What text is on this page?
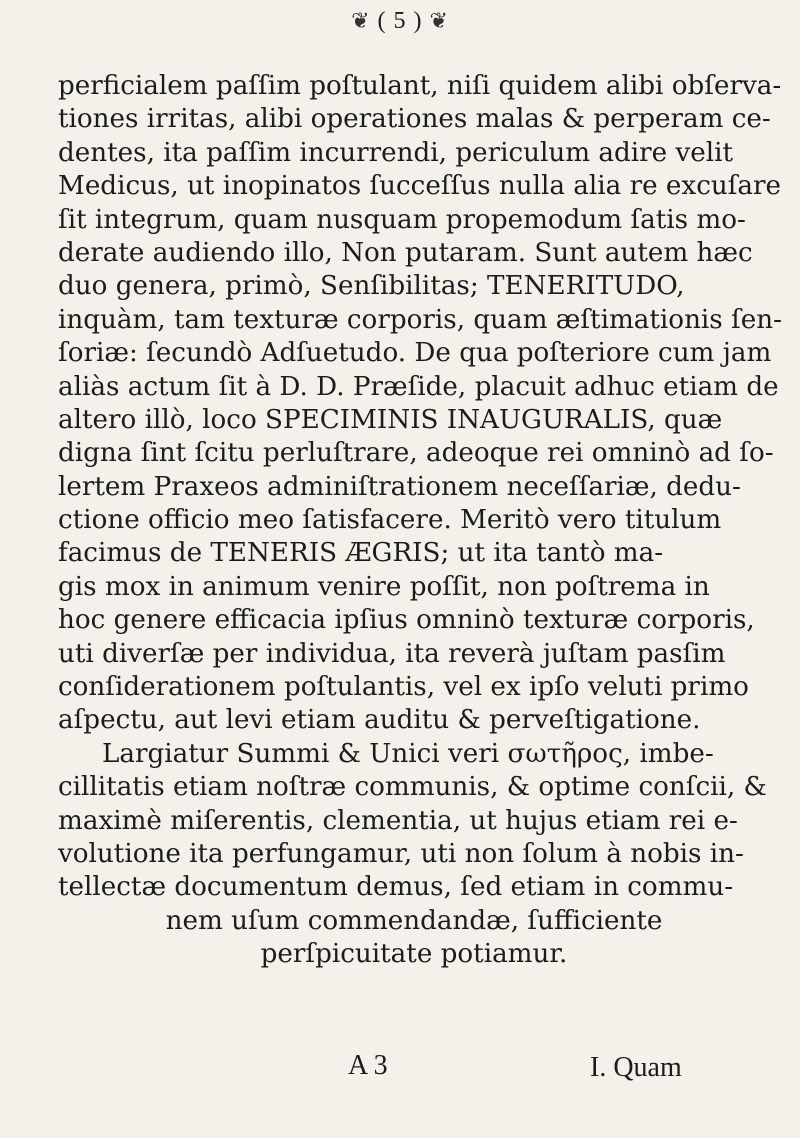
❦ ( 5 ) ❦
perficialem paſſim poſtulant, niſi quidem alibi obſerva-
tiones irritas, alibi operationes malas & perperam ce-
dentes, ita paſſim incurrendi, periculum adire velit
Medicus, ut inopinatos ſucceſſus nulla alia re excuſare
ſit integrum, quam nusquam propemodum ſatis mo-
derate audiendo illo, Non putaram. Sunt autem hæc
duo genera, primò, Senſibilitas; TENERITUDO,
inquàm, tam texturæ corporis, quam æſtimationis ſen-
ſoriæ: ſecundò Adſuetudo. De qua poſteriore cum jam
aliàs actum ſit à D. D. Præſide, placuit adhuc etiam de
altero illò, loco SPECIMINIS INAUGURALIS, quæ
digna ſint ſcitu perluſtrare, adeoque rei omninò ad ſo-
lertem Praxeos adminiſtrationem neceſſariæ, dedu-
ctione officio meo ſatisfacere. Meritò vero titulum
facimus de TENERIS ÆGRIS; ut ita tantò ma-
gis mox in animum venire poſſit, non poſtrema in
hoc genere efficacia ipſius omninò texturæ corporis,
uti diverſæ per individua, ita reverà juſtam pasſim
conſiderationem poſtulantis, vel ex ipſo veluti primo
aſpectu, aut levi etiam auditu & perveſtigatione.
Largiatur Summi & Unici veri σωτῆρος, imbe-
cillitatis etiam noſtræ communis, & optime conſcii, &
maximè miſerentis, clementia, ut hujus etiam rei e-
volutione ita perfungamur, uti non ſolum à nobis in-
tellectæ documentum demus, ſed etiam in commu-
nem uſum commendandæ, ſufficiente
perſpicuitate potiamur.
A 3	I. Quam
